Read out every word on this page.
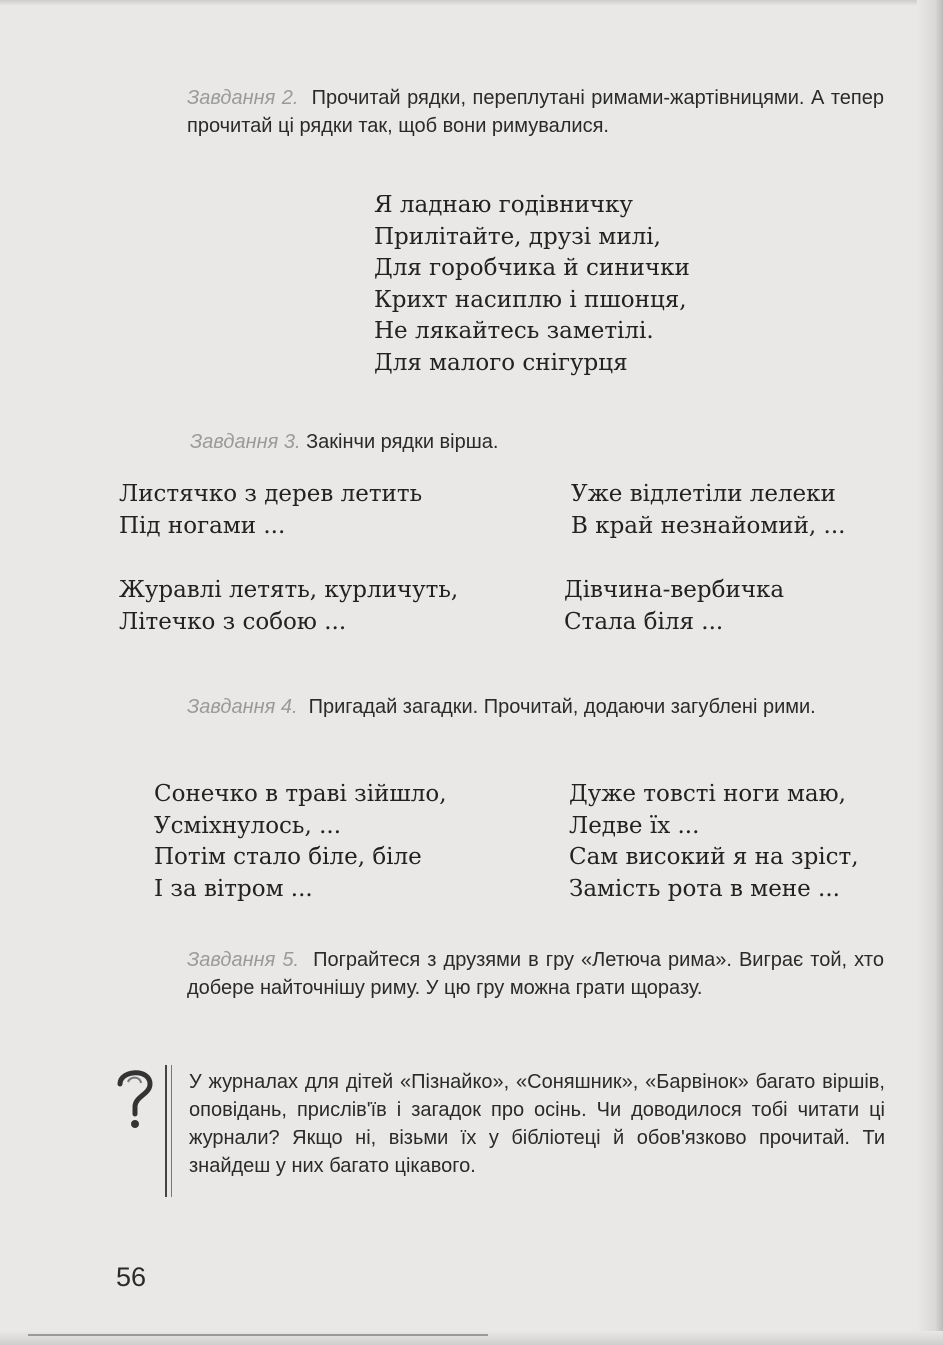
Завдання 2. Прочитай рядки, переплутані римами-жартівницями. А тепер прочитай ці рядки так, щоб вони римувалися.
Я ладнаю годівничку
Прилітайте, друзі милі,
Для горобчика й синички
Крихт насиплю і пшонця,
Не лякайтесь заметілі.
Для малого снігурця
Завдання 3. Закінчи рядки вірша.
Листячко з дерев летить
Під ногами ...
Уже відлетіли лелеки
В край незнайомий, ...
Журавлі летять, курличуть,
Літечко з собою ...
Дівчина-вербичка
Стала біля ...
Завдання 4. Пригадай загадки. Прочитай, додаючи загублені рими.
Сонечко в траві зійшло,
Усміхнулось, ...
Потім стало біле, біле
І за вітром ...
Дуже товсті ноги маю,
Ледве їх ...
Сам високий я на зріст,
Замість рота в мене ...
Завдання 5. Пограйтеся з друзями в гру «Летюча рима». Виграє той, хто добере найточнішу риму. У цю гру можна грати щоразу.
У журналах для дітей «Пізнайко», «Соняшник», «Барвінок» багато віршів, оповідань, прислів'їв і загадок про осінь. Чи доводилося тобі читати ці журнали? Якщо ні, візьми їх у бібліотеці й обов'язково прочитай. Ти знайдеш у них багато цікавого.
56
